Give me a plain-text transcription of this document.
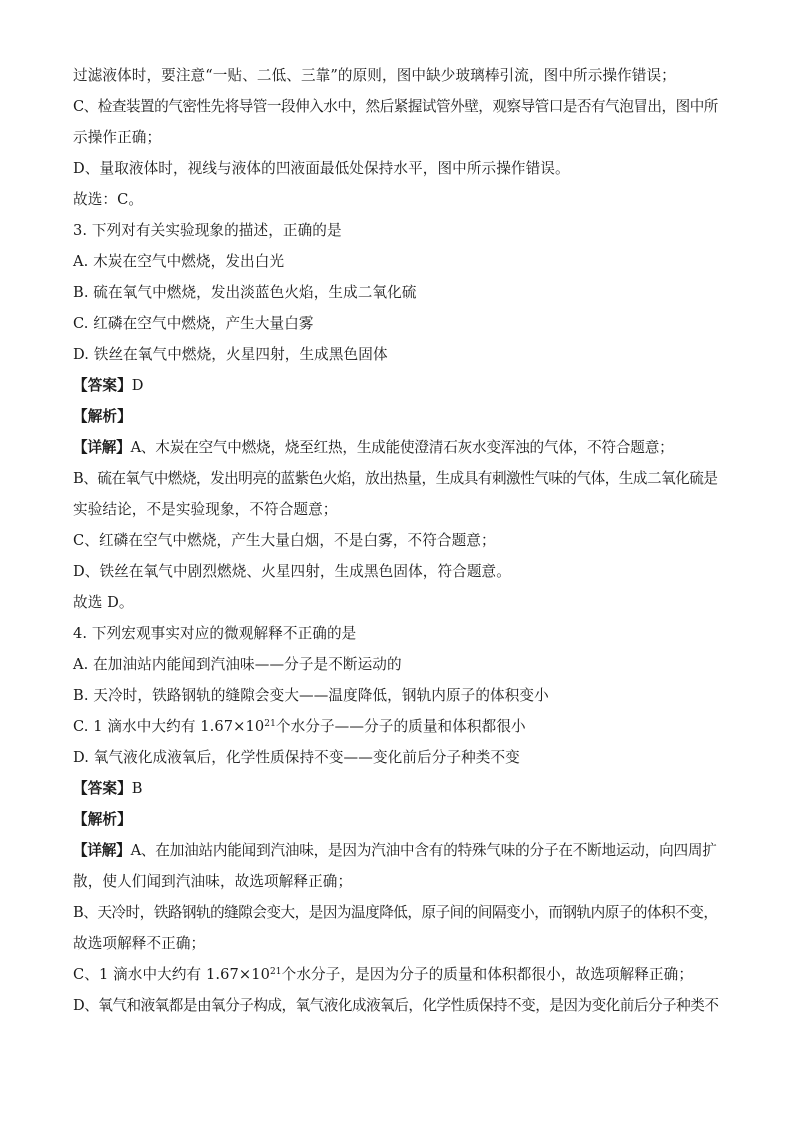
过滤液体时，要注意“一贴、二低、三靠”的原则，图中缺少玻璃棒引流，图中所示操作错误；
C、检查装置的气密性先将导管一段伸入水中，然后紧握试管外壁，观察导管口是否有气泡冒出，图中所
示操作正确；
D、量取液体时，视线与液体的凹液面最低处保持水平，图中所示操作错误。
故选：C。
3. 下列对有关实验现象的描述，正确的是
A. 木炭在空气中燃烧，发出白光
B. 硫在氧气中燃烧，发出淡蓝色火焰，生成二氧化硫
C. 红磷在空气中燃烧，产生大量白雾
D. 铁丝在氧气中燃烧，火星四射，生成黑色固体
【答案】D
【解析】
【详解】A、木炭在空气中燃烧，烧至红热，生成能使澄清石灰水变浑浊的气体，不符合题意；
B、硫在氧气中燃烧，发出明亮的蓝紫色火焰，放出热量，生成具有刺激性气味的气体，生成二氧化硫是
实验结论，不是实验现象，不符合题意；
C、红磷在空气中燃烧，产生大量白烟，不是白雾，不符合题意；
D、铁丝在氧气中剧烈燃烧、火星四射，生成黑色固体，符合题意。
故选 D。
4. 下列宏观事实对应的微观解释不正确的是
A. 在加油站内能闻到汽油味——分子是不断运动的
B. 天冷时，铁路钢轨的缝隙会变大——温度降低，钢轨内原子的体积变小
C. 1 滴水中大约有 $1.67\times 10^{21}$个水分子——分子的质量和体积都很小
D. 氧气液化成液氧后，化学性质保持不变——变化前后分子种类不变
【答案】B
【解析】
【详解】A、在加油站内能闻到汽油味，是因为汽油中含有的特殊气味的分子在不断地运动，向四周扩
散，使人们闻到汽油味，故选项解释正确；
B、天冷时，铁路钢轨的缝隙会变大，是因为温度降低，原子间的间隔变小，而钢轨内原子的体积不变，
故选项解释不正确；
C、1 滴水中大约有 $1.67\times 10^{21}$个水分子，是因为分子的质量和体积都很小，故选项解释正确；
D、氧气和液氧都是由氧分子构成，氧气液化成液氧后，化学性质保持不变，是因为变化前后分子种类不
